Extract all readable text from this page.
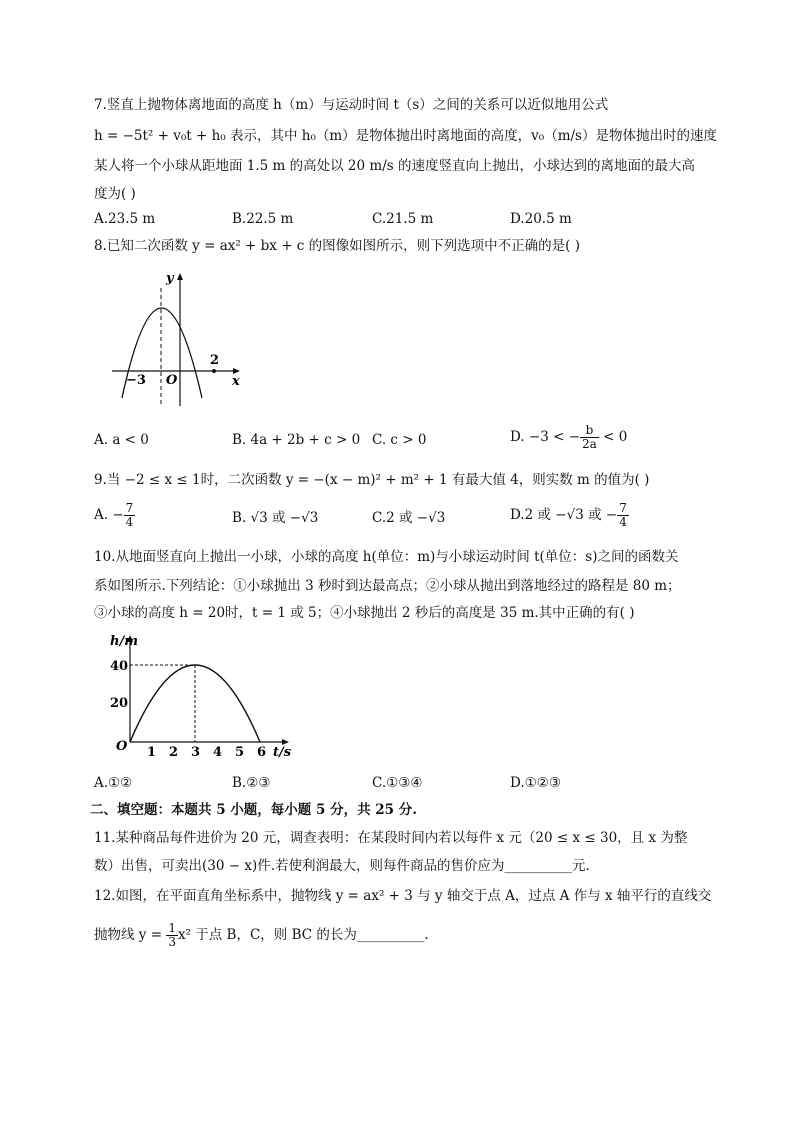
7.竖直上抛物体离地面的高度 h（m）与运动时间 t（s）之间的关系可以近似地用公式
h = −5t² + v₀t + h₀ 表示，其中 h₀（m）是物体抛出时离地面的高度，v₀（m/s）是物体抛出时的速度
某人将一个小球从距地面 1.5 m 的高处以 20 m/s 的速度竖直向上抛出，小球达到的离地面的最大高
度为( )
A.23.5 m	B.22.5 m	C.21.5 m	D.20.5 m
8.已知二次函数 y = ax² + bx + c 的图像如图所示，则下列选项中不正确的是( )
y
x
O
−3
2
A. a < 0	B. 4a + 2b + c > 0 C. c > 0	D. −3 < − $\frac{b}{2a} < 0$
9.当 −2 ≤ x ≤ 1时，二次函数 y = −(x − m)² + m² + 1 有最大值 4，则实数 m 的值为( )
A. − $\frac{7}{4}$	B. √3 或 −√3	C.2 或 −√3	D.2 或 −√3 或 − $\frac{7}{4}$
10.从地面竖直向上抛出一小球，小球的高度 h(单位：m)与小球运动时间 t(单位：s)之间的函数关
系如图所示.下列结论：①小球抛出 3 秒时到达最高点；②小球从抛出到落地经过的路程是 80 m；
③小球的高度 h = 20时，t = 1 或 5；④小球抛出 2 秒后的高度是 35 m.其中正确的有( )
h/m
40
20
O 1 2 3 4 5 6 t/s
A.①②	B.②③	C.①③④	D.①②③
二、填空题：本题共 5 小题，每小题 5 分，共 25 分.
11.某种商品每件进价为 20 元，调查表明：在某段时间内若以每件 x 元（20 ≤ x ≤ 30，且 x 为整
数）出售，可卖出(30 − x)件.若使利润最大，则每件商品的售价应为__________元.
12.如图，在平面直角坐标系中，抛物线 y = ax² + 3 与 y 轴交于点 A，过点 A 作与 x 轴平行的直线交
抛物线 $y = \frac{1}{3} x^2$ 于点 B，C，则 BC 的长为__________.
